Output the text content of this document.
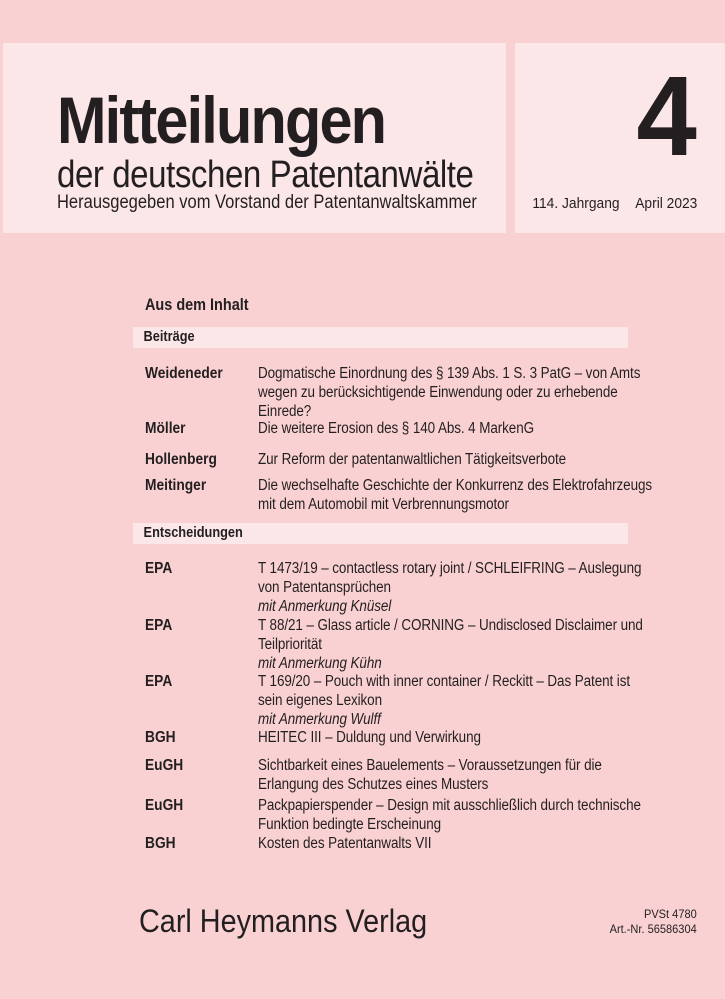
Mitteilungen
der deutschen Patentanwälte
Herausgegeben vom Vorstand der Patentanwaltskammer
4
114. Jahrgang April 2023
Aus dem Inhalt
Beiträge
Weideneder	Dogmatische Einordnung des § 139 Abs. 1 S. 3 PatG – von Amts
wegen zu berücksichtigende Einwendung oder zu erhebende
Einrede?
Möller	Die weitere Erosion des § 140 Abs. 4 MarkenG
Hollenberg	Zur Reform der patentanwaltlichen Tätigkeitsverbote
Meitinger	Die wechselhafte Geschichte der Konkurrenz des Elektrofahrzeugs
mit dem Automobil mit Verbrennungsmotor
Entscheidungen
EPA	T 1473/19 – contactless rotary joint / SCHLEIFRING – Auslegung
von Patentansprüchen
mit Anmerkung Knüsel
EPA	T 88/21 – Glass article / CORNING – Undisclosed Disclaimer und
Teilpriorität
mit Anmerkung Kühn
EPA	T 169/20 – Pouch with inner container / Reckitt – Das Patent ist
sein eigenes Lexikon
mit Anmerkung Wulff
BGH	HEITEC III – Duldung und Verwirkung
EuGH	Sichtbarkeit eines Bauelements – Voraussetzungen für die
Erlangung des Schutzes eines Musters
EuGH	Packpapierspender – Design mit ausschließlich durch technische
Funktion bedingte Erscheinung
BGH	Kosten des Patentanwalts VII
Carl Heymanns Verlag	PVSt 4780
Art.-Nr. 56586304
